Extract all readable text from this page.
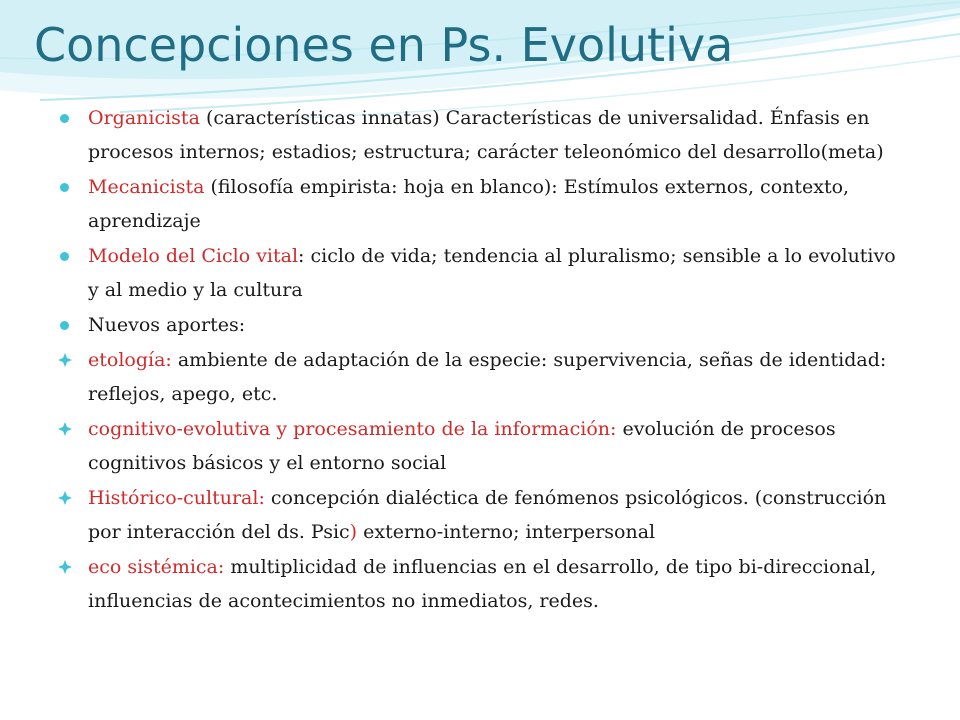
Concepciones en Ps. Evolutiva
Organicista (características innatas) Características de universalidad. Énfasis en procesos internos; estadios; estructura; carácter teleonómico del desarrollo(meta)
Mecanicista (filosofía empirista: hoja en blanco): Estímulos externos, contexto, aprendizaje
Modelo del Ciclo vital: ciclo de vida; tendencia al pluralismo; sensible a lo evolutivo y al medio y la cultura
Nuevos aportes:
etología: ambiente de adaptación de la especie: supervivencia, señas de identidad: reflejos, apego, etc.
cognitivo-evolutiva y procesamiento de la información: evolución de procesos cognitivos básicos y el entorno social
Histórico-cultural: concepción dialéctica de fenómenos psicológicos. (construcción por interacción del ds. Psic) externo-interno; interpersonal
eco sistémica: multiplicidad de influencias en el desarrollo, de tipo bi-direccional, influencias de acontecimientos no inmediatos, redes.
